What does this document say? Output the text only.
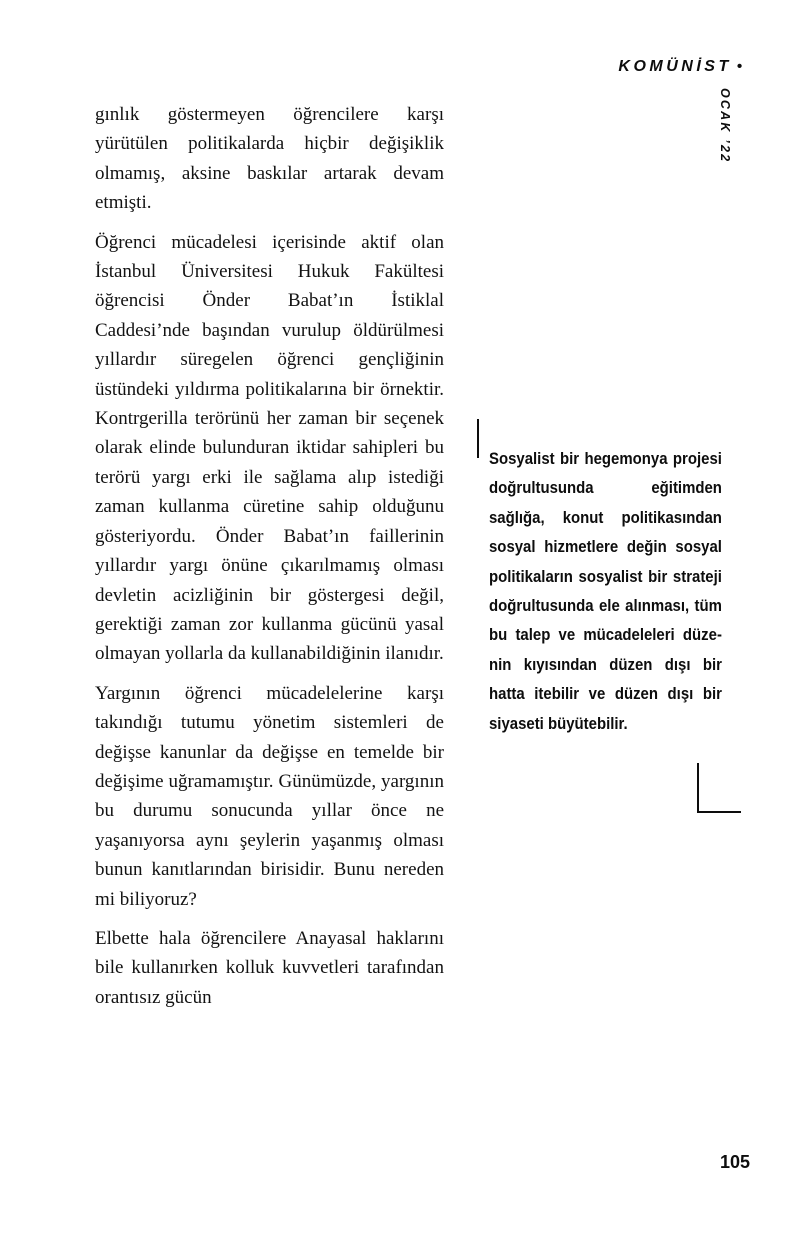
KOMÜNİST •
OCAK ’22

gınlık göstermeyen öğrencilere karşı yürütülen politikalarda hiçbir değişiklik olmamış, aksine baskılar artarak devam etmişti.

Öğrenci mücadelesi içerisinde aktif olan İstanbul Üniversitesi Hukuk Fakültesi öğrencisi Önder Babat’ın İstiklal Caddesi’nde başından vurulup öldürülmesi yıllardır süregelen öğrenci gençliğinin üstündeki yıldırma politikalarına bir örnektir. Kontrgerilla terörünü her zaman bir seçenek olarak elinde bulunduran iktidar sahipleri bu terörü yargı erki ile sağlama alıp istediği zaman kullanma cüretine sahip olduğunu gösteriyordu. Önder Babat’ın faillerinin yıllardır yargı önüne çıkarılmamış olması devletin acizliğinin bir göstergesi değil, gerektiği zaman zor kullanma gücünü yasal olmayan yollarla da kullanabildiğinin ilanıdır.

Yargının öğrenci mücadelelerine karşı takındığı tutumu yönetim sistemleri de değişse kanunlar da değişse en temelde bir değişime uğramamıştır. Günümüzde, yargının bu durumu sonucunda yıllar önce ne yaşanıyorsa aynı şeylerin yaşanmış olması bunun kanıtlarından birisidir. Bunu nereden mi biliyoruz?

Elbette hala öğrencilere Anayasal haklarını bile kullanırken kolluk kuvvetleri tarafından orantısız gücün

Sosyalist bir hegemonya projesi doğrultusunda eğitimden sağlığa, konut politikasından sosyal hizmetlere değin sosyal politikaların sosyalist bir strateji doğrultusunda ele alınması, tüm bu talep ve mücadeleleri düzenin kıyısından düzen dışı bir hatta itebilir ve düzen dışı bir siyaseti büyütebilir.

105
